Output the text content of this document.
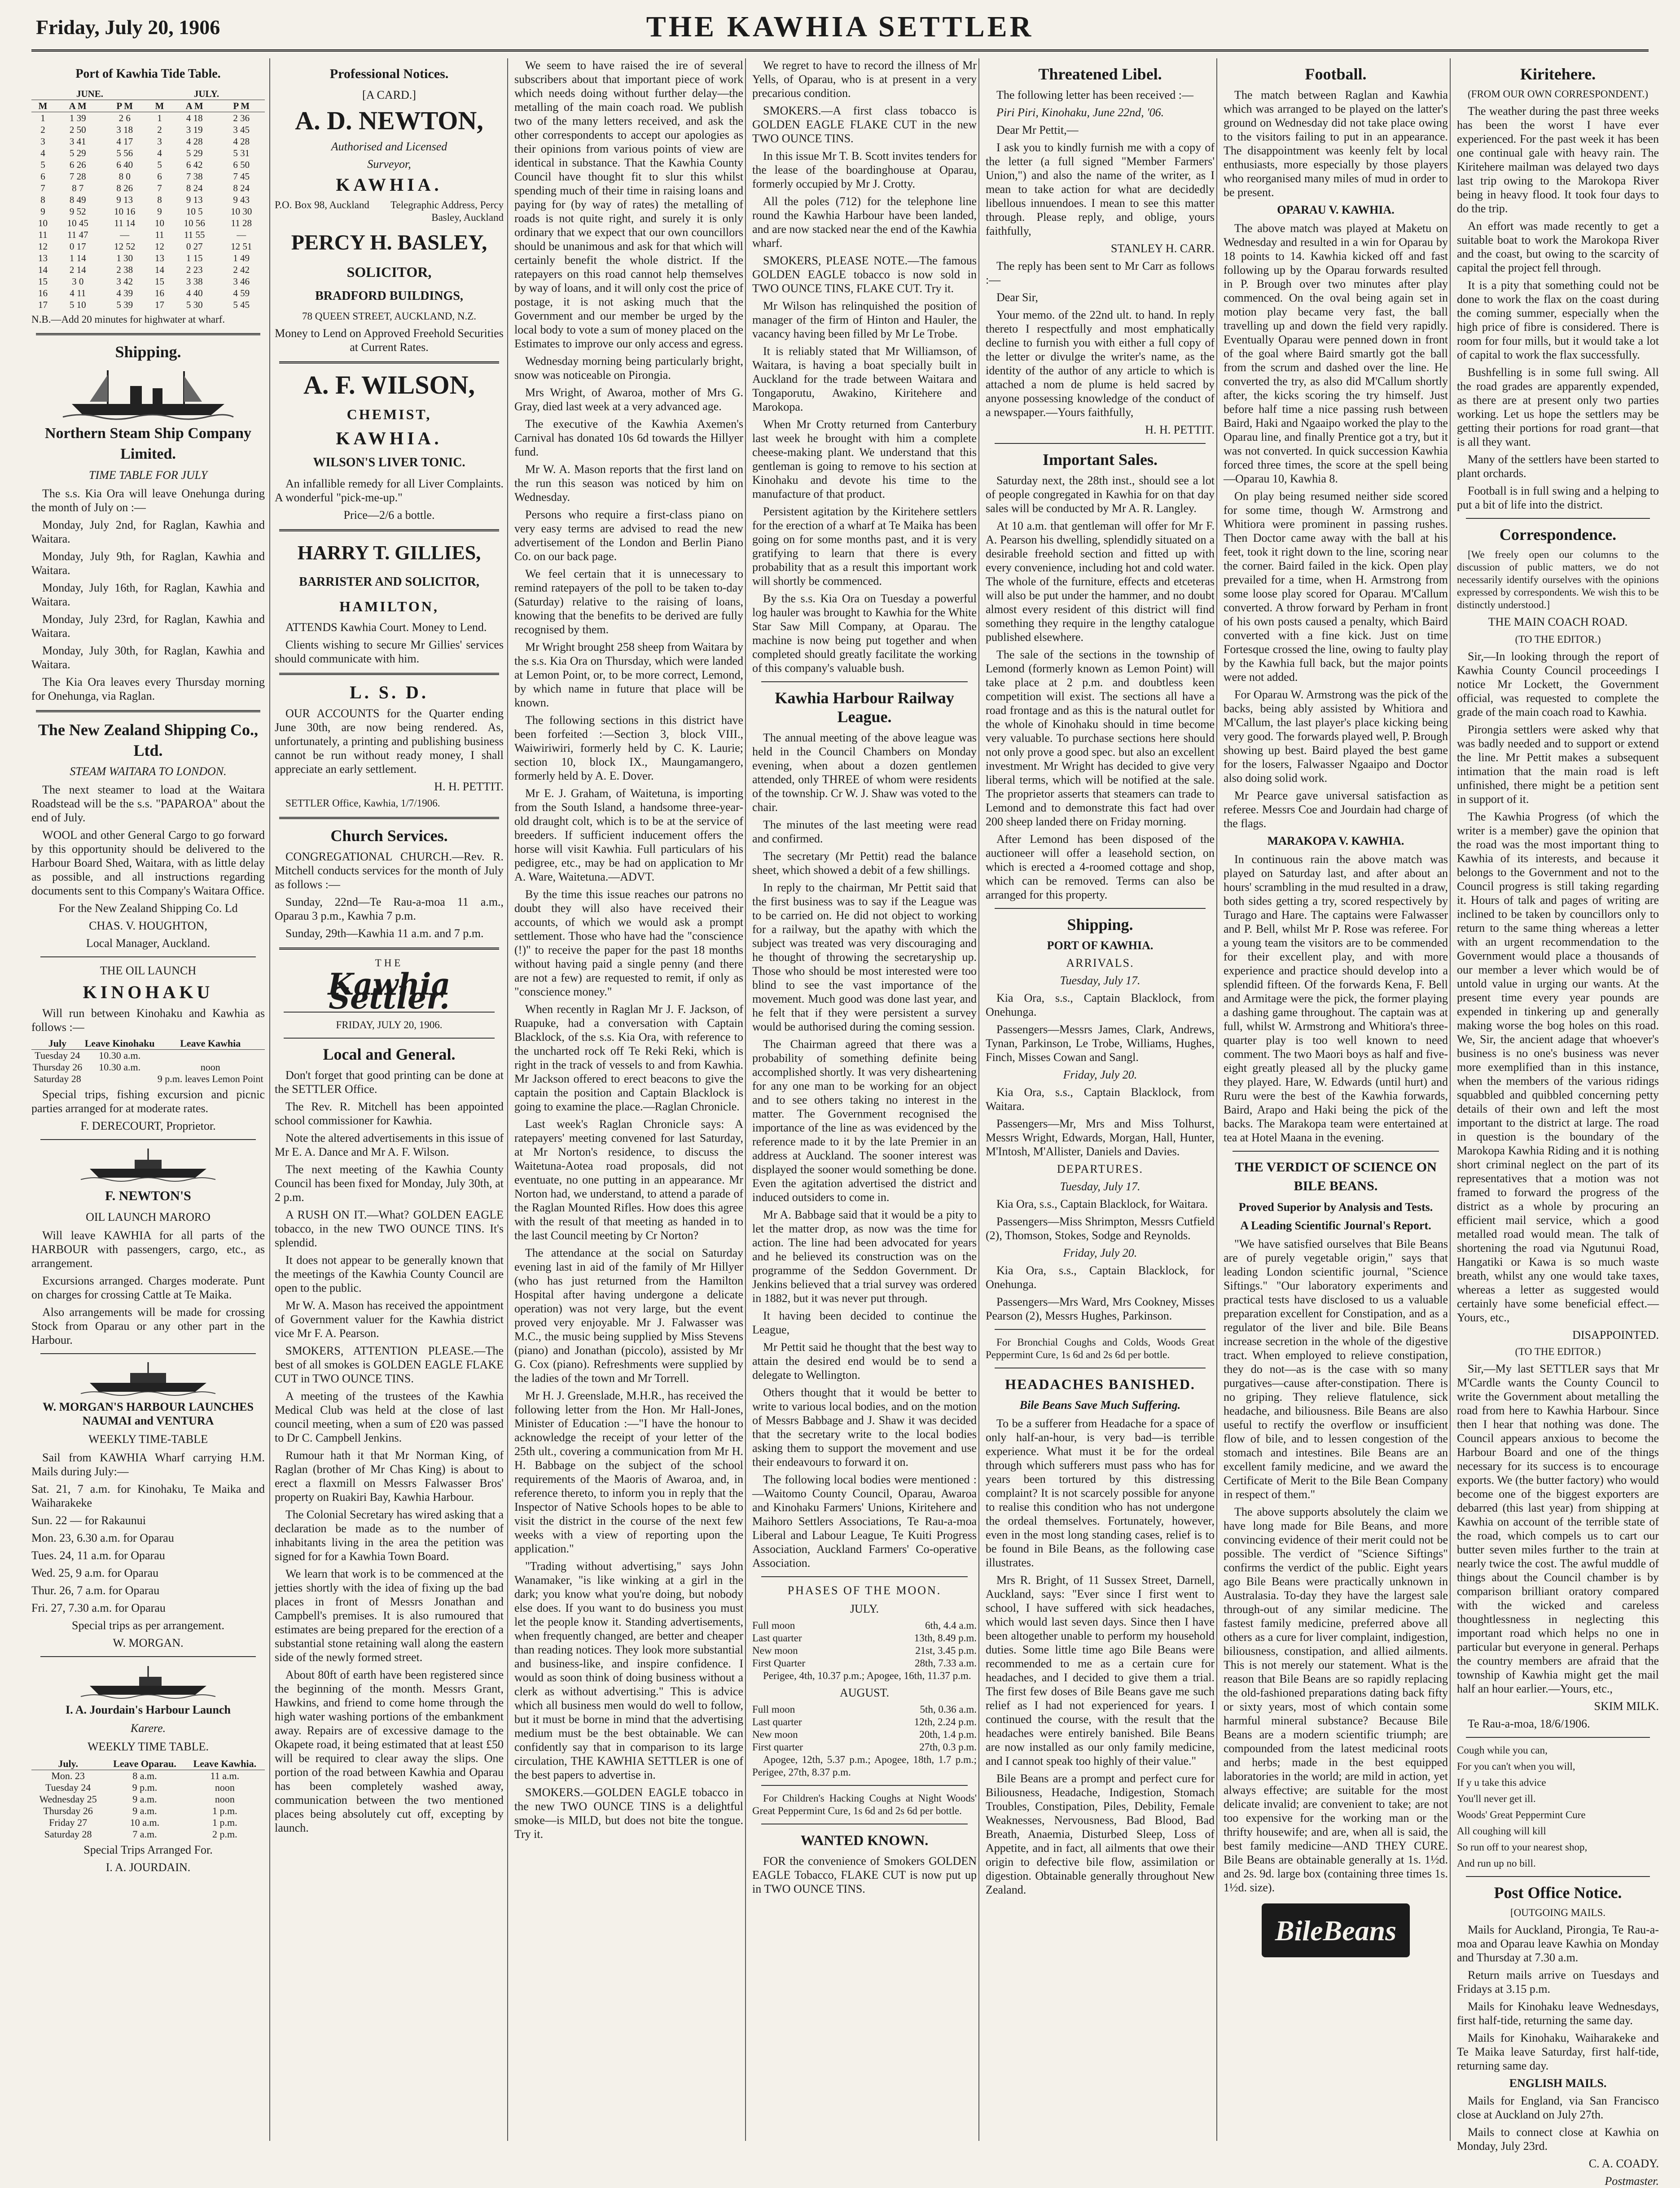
Friday, July 20, 1906	THE KAWHIA SETTLER
Port of Kawhia Tide Table.
JUNE.			JULY.		
M	A M	P M	M	A M	P M
1	1 39	2 6	1	4 18	2 36
2	2 50	3 18	2	3 19	3 45
3	3 41	4 17	3	4 28	4 28
4	5 29	5 56	4	5 29	5 31
5	6 26	6 40	5	6 42	6 50
6	7 28	8 0	6	7 38	7 45
7	8 7	8 26	7	8 24	8 24
8	8 49	9 13	8	9 13	9 43
9	9 52	10 16	9	10 5	10 30
10	10 45	11 14	10	10 56	11 28
11	11 47	—	11	11 55	—
12	0 17	12 52	12	0 27	12 51
13	1 14	1 30	13	1 15	1 49
14	2 14	2 38	14	2 23	2 42
15	3 0	3 42	15	3 38	3 46
16	4 11	4 39	16	4 40	4 59
17	5 10	5 39	17	5 30	5 45

N.B.—Add 20 minutes for highwater at wharf.

Shipping.
Northern Steam Ship Company Limited.
TIME TABLE FOR JULY

The s.s. Kia Ora will leave Onehunga during the month of July on :—

Monday, July 2nd, for Raglan, Kawhia and Waitara.

Monday, July 9th, for Raglan, Kawhia and Waitara.

Monday, July 16th, for Raglan, Kawhia and Waitara.

Monday, July 23rd, for Raglan, Kawhia and Waitara.

Monday, July 30th, for Raglan, Kawhia and Waitara.

The Kia Ora leaves every Thursday morning for Onehunga, via Raglan.

The New Zealand Shipping Co., Ltd.
STEAM WAITARA TO LONDON.

The next steamer to load at the Waitara Roadstead will be the s.s. "PAPAROA" about the end of July.

WOOL and other General Cargo to go forward by this opportunity should be delivered to the Harbour Board Shed, Waitara, with as little delay as possible, and all instructions regarding documents sent to this Company's Waitara Office.

For the New Zealand Shipping Co. Ld

CHAS. V. HOUGHTON,

Local Manager, Auckland.

THE OIL LAUNCH
KINOHAKU

Will run between Kinohaku and Kawhia as follows :—

July	Leave Kinohaku	Leave Kawhia
Tuesday 24	10.30 a.m.	
Thursday 26	10.30 a.m.	noon
Saturday 28		9 p.m. leaves Lemon Point

Special trips, fishing excursion and picnic parties arranged for at moderate rates.

F. DERECOURT, Proprietor.

F. NEWTON'S
OIL LAUNCH MARORO

Will leave KAWHIA for all parts of the HARBOUR with passengers, cargo, etc., as arrangement.

Excursions arranged. Charges moderate. Punt on charges for crossing Cattle at Te Maika.

Also arrangements will be made for crossing Stock from Oparau or any other part in the Harbour.

W. MORGAN'S HARBOUR LAUNCHES NAUMAI and VENTURA
WEEKLY TIME-TABLE

Sail from KAWHIA Wharf carrying H.M. Mails during July:—

Sat. 21, 7 a.m. for Kinohaku, Te Maika and Waiharakeke

Sun. 22 — for Rakaunui

Mon. 23, 6.30 a.m. for Oparau

Tues. 24, 11 a.m. for Oparau

Wed. 25, 9 a.m. for Oparau

Thur. 26, 7 a.m. for Oparau

Fri. 27, 7.30 a.m. for Oparau

Special trips as per arrangement.

W. MORGAN.

I. A. Jourdain's Harbour Launch
Karere.
WEEKLY TIME TABLE.
July.	Leave Oparau.	Leave Kawhia.
Mon. 23	8 a.m.	11 a.m.
Tuesday 24	9 p.m.	noon
Wednesday 25	9 a.m.	noon
Thursday 26	9 a.m.	1 p.m.
Friday 27	10 a.m.	1 p.m.
Saturday 28	7 a.m.	2 p.m.

Special Trips Arranged For.

I. A. JOURDAIN.

Professional Notices.

[A CARD.]

A. D. NEWTON,

Authorised and Licensed

Surveyor,

KAWHIA.
P.O. Box 98, Auckland	Telegraphic Address, Percy Basley, Auckland
PERCY H. BASLEY,
SOLICITOR,
BRADFORD BUILDINGS,

78 QUEEN STREET, AUCKLAND, N.Z.

Money to Lend on Approved Freehold Securities at Current Rates.

A. F. WILSON,
CHEMIST,
KAWHIA.
WILSON'S LIVER TONIC.

An infallible remedy for all Liver Complaints. A wonderful "pick-me-up."

Price—2/6 a bottle.

HARRY T. GILLIES,
BARRISTER AND SOLICITOR,
HAMILTON,

ATTENDS Kawhia Court. Money to Lend.

Clients wishing to secure Mr Gillies' services should communicate with him.

L. S. D.

OUR ACCOUNTS for the Quarter ending June 30th, are now being rendered. As, unfortunately, a printing and publishing business cannot be run without ready money, I shall appreciate an early settlement.

H. H. PETTIT.

SETTLER Office, Kawhia, 1/7/1906.

Church Services.

CONGREGATIONAL CHURCH.—Rev. R. Mitchell conducts services for the month of July as follows :—

Sunday, 22nd—Te Rau-a-moa 11 a.m., Oparau 3 p.m., Kawhia 7 p.m.

Sunday, 29th—Kawhia 11 a.m. and 7 p.m.

THE

Kawhia Settler.

FRIDAY, JULY 20, 1906.

Local and General.

Don't forget that good printing can be done at the SETTLER Office.

The Rev. R. Mitchell has been appointed school commissioner for Kawhia.

Note the altered advertisements in this issue of Mr E. A. Dance and Mr A. F. Wilson.

The next meeting of the Kawhia County Council has been fixed for Monday, July 30th, at 2 p.m.

A RUSH ON IT.—What? GOLDEN EAGLE tobacco, in the new TWO OUNCE TINS. It's splendid.

It does not appear to be generally known that the meetings of the Kawhia County Council are open to the public.

Mr W. A. Mason has received the appointment of Government valuer for the Kawhia district vice Mr F. A. Pearson.

SMOKERS, ATTENTION PLEASE.—The best of all smokes is GOLDEN EAGLE FLAKE CUT in TWO OUNCE TINS.

A meeting of the trustees of the Kawhia Medical Club was held at the close of last council meeting, when a sum of £20 was passed to Dr C. Campbell Jenkins.

Rumour hath it that Mr Norman King, of Raglan (brother of Mr Chas King) is about to erect a flaxmill on Messrs Falwasser Bros' property on Ruakiri Bay, Kawhia Harbour.

The Colonial Secretary has wired asking that a declaration be made as to the number of inhabitants living in the area the petition was signed for for a Kawhia Town Board.

We learn that work is to be commenced at the jetties shortly with the idea of fixing up the bad places in front of Messrs Jonathan and Campbell's premises. It is also rumoured that estimates are being prepared for the erection of a substantial stone retaining wall along the eastern side of the newly formed street.

About 80ft of earth have been registered since the beginning of the month. Messrs Grant, Hawkins, and friend to come home through the high water washing portions of the embankment away. Repairs are of excessive damage to the Okapete road, it being estimated that at least £50 will be required to clear away the slips. One portion of the road between Kawhia and Oparau has been completely washed away, communication between the two mentioned places being absolutely cut off, excepting by launch.

We seem to have raised the ire of several subscribers about that important piece of work which needs doing without further delay—the metalling of the main coach road. We publish two of the many letters received, and ask the other correspondents to accept our apologies as their opinions from various points of view are identical in substance. That the Kawhia County Council have thought fit to slur this whilst spending much of their time in raising loans and paying for (by way of rates) the metalling of roads is not quite right, and surely it is only ordinary that we expect that our own councillors should be unanimous and ask for that which will certainly benefit the whole district. If the ratepayers on this road cannot help themselves by way of loans, and it will only cost the price of postage, it is not asking much that the Government and our member be urged by the local body to vote a sum of money placed on the Estimates to improve our only access and egress.

Wednesday morning being particularly bright, snow was noticeable on Pirongia.

Mrs Wright, of Awaroa, mother of Mrs G. Gray, died last week at a very advanced age.

The executive of the Kawhia Axemen's Carnival has donated 10s 6d towards the Hillyer fund.

Mr W. A. Mason reports that the first land on the run this season was noticed by him on Wednesday.

Persons who require a first-class piano on very easy terms are advised to read the new advertisement of the London and Berlin Piano Co. on our back page.

We feel certain that it is unnecessary to remind ratepayers of the poll to be taken to-day (Saturday) relative to the raising of loans, knowing that the benefits to be derived are fully recognised by them.

Mr Wright brought 258 sheep from Waitara by the s.s. Kia Ora on Thursday, which were landed at Lemon Point, or, to be more correct, Lemond, by which name in future that place will be known.

The following sections in this district have been forfeited :—Section 3, block VIII., Waiwiriwiri, formerly held by C. K. Laurie; section 10, block IX., Maungamangero, formerly held by A. E. Dover.

Mr E. J. Graham, of Waitetuna, is importing from the South Island, a handsome three-year-old draught colt, which is to be at the service of breeders. If sufficient inducement offers the horse will visit Kawhia. Full particulars of his pedigree, etc., may be had on application to Mr A. Ware, Waitetuna.—ADVT.

By the time this issue reaches our patrons no doubt they will also have received their accounts, of which we would ask a prompt settlement. Those who have had the "conscience (!)" to receive the paper for the past 18 months without having paid a single penny (and there are not a few) are requested to remit, if only as "conscience money."

When recently in Raglan Mr J. F. Jackson, of Ruapuke, had a conversation with Captain Blacklock, of the s.s. Kia Ora, with reference to the uncharted rock off Te Reki Reki, which is right in the track of vessels to and from Kawhia. Mr Jackson offered to erect beacons to give the captain the position and Captain Blacklock is going to examine the place.—Raglan Chronicle.

Last week's Raglan Chronicle says: A ratepayers' meeting convened for last Saturday, at Mr Norton's residence, to discuss the Waitetuna-Aotea road proposals, did not eventuate, no one putting in an appearance. Mr Norton had, we understand, to attend a parade of the Raglan Mounted Rifles. How does this agree with the result of that meeting as handed in to the last Council meeting by Cr Norton?

The attendance at the social on Saturday evening last in aid of the family of Mr Hillyer (who has just returned from the Hamilton Hospital after having undergone a delicate operation) was not very large, but the event proved very enjoyable. Mr J. Falwasser was M.C., the music being supplied by Miss Stevens (piano) and Jonathan (piccolo), assisted by Mr G. Cox (piano). Refreshments were supplied by the ladies of the town and Mr Torrell.

Mr H. J. Greenslade, M.H.R., has received the following letter from the Hon. Mr Hall-Jones, Minister of Education :—"I have the honour to acknowledge the receipt of your letter of the 25th ult., covering a communication from Mr H. H. Babbage on the subject of the school requirements of the Maoris of Awaroa, and, in reference thereto, to inform you in reply that the Inspector of Native Schools hopes to be able to visit the district in the course of the next few weeks with a view of reporting upon the application."

"Trading without advertising," says John Wanamaker, "is like winking at a girl in the dark; you know what you're doing, but nobody else does. If you want to do business you must let the people know it. Standing advertisements, when frequently changed, are better and cheaper than reading notices. They look more substantial and business-like, and inspire confidence. I would as soon think of doing business without a clerk as without advertising." This is advice which all business men would do well to follow, but it must be borne in mind that the advertising medium must be the best obtainable. We can confidently say that in comparison to its large circulation, THE KAWHIA SETTLER is one of the best papers to advertise in.

SMOKERS.—GOLDEN EAGLE tobacco in the new TWO OUNCE TINS is a delightful smoke—is MILD, but does not bite the tongue. Try it.

We regret to have to record the illness of Mr Yells, of Oparau, who is at present in a very precarious condition.

SMOKERS.—A first class tobacco is GOLDEN EAGLE FLAKE CUT in the new TWO OUNCE TINS.

In this issue Mr T. B. Scott invites tenders for the lease of the boardinghouse at Oparau, formerly occupied by Mr J. Crotty.

All the poles (712) for the telephone line round the Kawhia Harbour have been landed, and are now stacked near the end of the Kawhia wharf.

SMOKERS, PLEASE NOTE.—The famous GOLDEN EAGLE tobacco is now sold in TWO OUNCE TINS, FLAKE CUT. Try it.

Mr Wilson has relinquished the position of manager of the firm of Hinton and Hauler, the vacancy having been filled by Mr Le Trobe.

It is reliably stated that Mr Williamson, of Waitara, is having a boat specially built in Auckland for the trade between Waitara and Tongaporutu, Awakino, Kiritehere and Marokopa.

When Mr Crotty returned from Canterbury last week he brought with him a complete cheese-making plant. We understand that this gentleman is going to remove to his section at Kinohaku and devote his time to the manufacture of that product.

Persistent agitation by the Kiritehere settlers for the erection of a wharf at Te Maika has been going on for some months past, and it is very gratifying to learn that there is every probability that as a result this important work will shortly be commenced.

By the s.s. Kia Ora on Tuesday a powerful log hauler was brought to Kawhia for the White Star Saw Mill Company, at Oparau. The machine is now being put together and when completed should greatly facilitate the working of this company's valuable bush.

Kawhia Harbour Railway League.

The annual meeting of the above league was held in the Council Chambers on Monday evening, when about a dozen gentlemen attended, only THREE of whom were residents of the township. Cr W. J. Shaw was voted to the chair.

The minutes of the last meeting were read and confirmed.

The secretary (Mr Pettit) read the balance sheet, which showed a debit of a few shillings.

In reply to the chairman, Mr Pettit said that the first business was to say if the League was to be carried on. He did not object to working for a railway, but the apathy with which the subject was treated was very discouraging and he thought of throwing the secretaryship up. Those who should be most interested were too blind to see the vast importance of the movement. Much good was done last year, and he felt that if they were persistent a survey would be authorised during the coming session.

The Chairman agreed that there was a probability of something definite being accomplished shortly. It was very disheartening for any one man to be working for an object and to see others taking no interest in the matter. The Government recognised the importance of the line as was evidenced by the reference made to it by the late Premier in an address at Auckland. The sooner interest was displayed the sooner would something be done. Even the agitation advertised the district and induced outsiders to come in.

Mr A. Babbage said that it would be a pity to let the matter drop, as now was the time for action. The line had been advocated for years and he believed its construction was on the programme of the Seddon Government. Dr Jenkins believed that a trial survey was ordered in 1882, but it was never put through.

It having been decided to continue the League,

Mr Pettit said he thought that the best way to attain the desired end would be to send a delegate to Wellington.

Others thought that it would be better to write to various local bodies, and on the motion of Messrs Babbage and J. Shaw it was decided that the secretary write to the local bodies asking them to support the movement and use their endeavours to forward it on.

The following local bodies were mentioned :—Waitomo County Council, Oparau, Awaroa and Kinohaku Farmers' Unions, Kiritehere and Maihoro Settlers Associations, Te Rau-a-moa Liberal and Labour League, Te Kuiti Progress Association, Auckland Farmers' Co-operative Association.

PHASES OF THE MOON.

JULY.

Full moon	6th, 4.4 a.m.
Last quarter	13th, 8.49 p.m.
New moon	21st, 3.45 p.m.
First Quarter	28th, 7.33 a.m.

Perigee, 4th, 10.37 p.m.; Apogee, 16th, 11.37 p.m.

AUGUST.

Full moon	5th, 0.36 a.m.
Last quarter	12th, 2.24 p.m.
New moon	20th, 1.4 p.m.
First quarter	27th, 0.3 p.m.

Apogee, 12th, 5.37 p.m.; Apogee, 18th, 1.7 p.m.; Perigee, 27th, 8.37 p.m.

For Children's Hacking Coughs at Night Woods' Great Peppermint Cure, 1s 6d and 2s 6d per bottle.

WANTED KNOWN.

FOR the convenience of Smokers GOLDEN EAGLE Tobacco, FLAKE CUT is now put up in TWO OUNCE TINS.

Threatened Libel.

The following letter has been received :—

Piri Piri, Kinohaku, June 22nd, '06.

Dear Mr Pettit,—

I ask you to kindly furnish me with a copy of the letter (a full signed "Member Farmers' Union,") and also the name of the writer, as I mean to take action for what are decidedly libellous innuendoes. I mean to see this matter through. Please reply, and oblige, yours faithfully,

STANLEY H. CARR.

The reply has been sent to Mr Carr as follows :—

Dear Sir,

Your memo. of the 22nd ult. to hand. In reply thereto I respectfully and most emphatically decline to furnish you with either a full copy of the letter or divulge the writer's name, as the identity of the author of any article to which is attached a nom de plume is held sacred by anyone possessing knowledge of the conduct of a newspaper.—Yours faithfully,

H. H. PETTIT.

Important Sales.

Saturday next, the 28th inst., should see a lot of people congregated in Kawhia for on that day sales will be conducted by Mr A. R. Langley.

At 10 a.m. that gentleman will offer for Mr F. A. Pearson his dwelling, splendidly situated on a desirable freehold section and fitted up with every convenience, including hot and cold water. The whole of the furniture, effects and etceteras will also be put under the hammer, and no doubt almost every resident of this district will find something they require in the lengthy catalogue published elsewhere.

The sale of the sections in the township of Lemond (formerly known as Lemon Point) will take place at 2 p.m. and doubtless keen competition will exist. The sections all have a road frontage and as this is the natural outlet for the whole of Kinohaku should in time become very valuable. To purchase sections here should not only prove a good spec. but also an excellent investment. Mr Wright has decided to give very liberal terms, which will be notified at the sale. The proprietor asserts that steamers can trade to Lemond and to demonstrate this fact had over 200 sheep landed there on Friday morning.

After Lemond has been disposed of the auctioneer will offer a leasehold section, on which is erected a 4-roomed cottage and shop, which can be removed. Terms can also be arranged for this property.

Shipping.

PORT OF KAWHIA.

ARRIVALS.

Tuesday, July 17.

Kia Ora, s.s., Captain Blacklock, from Onehunga.

Passengers—Messrs James, Clark, Andrews, Tynan, Parkinson, Le Trobe, Williams, Hughes, Finch, Misses Cowan and Sangl.

Friday, July 20.

Kia Ora, s.s., Captain Blacklock, from Waitara.

Passengers—Mr, Mrs and Miss Tolhurst, Messrs Wright, Edwards, Morgan, Hall, Hunter, M'Intosh, M'Allister, Daniels and Davies.

DEPARTURES.

Tuesday, July 17.

Kia Ora, s.s., Captain Blacklock, for Waitara.

Passengers—Miss Shrimpton, Messrs Cutfield (2), Thomson, Stokes, Sodge and Reynolds.

Friday, July 20.

Kia Ora, s.s., Captain Blacklock, for Onehunga.

Passengers—Mrs Ward, Mrs Cookney, Misses Pearson (2), Messrs Hughes, Parkinson.

For Bronchial Coughs and Colds, Woods Great Peppermint Cure, 1s 6d and 2s 6d per bottle.

HEADACHES BANISHED.
Bile Beans Save Much Suffering.

To be a sufferer from Headache for a space of only half-an-hour, is very bad—is terrible experience. What must it be for the ordeal through which sufferers must pass who has for years been tortured by this distressing complaint? It is not scarcely possible for anyone to realise this condition who has not undergone the ordeal themselves. Fortunately, however, even in the most long standing cases, relief is to be found in Bile Beans, as the following case illustrates.

Mrs R. Bright, of 11 Sussex Street, Darnell, Auckland, says: "Ever since I first went to school, I have suffered with sick headaches, which would last seven days. Since then I have been altogether unable to perform my household duties. Some little time ago Bile Beans were recommended to me as a certain cure for headaches, and I decided to give them a trial. The first few doses of Bile Beans gave me such relief as I had not experienced for years. I continued the course, with the result that the headaches were entirely banished. Bile Beans are now installed as our only family medicine, and I cannot speak too highly of their value."

Bile Beans are a prompt and perfect cure for Biliousness, Headache, Indigestion, Stomach Troubles, Constipation, Piles, Debility, Female Weaknesses, Nervousness, Bad Blood, Bad Breath, Anaemia, Disturbed Sleep, Loss of Appetite, and in fact, all ailments that owe their origin to defective bile flow, assimilation or digestion. Obtainable generally throughout New Zealand.

Football.

The match between Raglan and Kawhia which was arranged to be played on the latter's ground on Wednesday did not take place owing to the visitors failing to put in an appearance. The disappointment was keenly felt by local enthusiasts, more especially by those players who reorganised many miles of mud in order to be present.

OPARAU V. KAWHIA.

The above match was played at Maketu on Wednesday and resulted in a win for Oparau by 18 points to 14. Kawhia kicked off and fast following up by the Oparau forwards resulted in P. Brough over two minutes after play commenced. On the oval being again set in motion play became very fast, the ball travelling up and down the field very rapidly. Eventually Oparau were penned down in front of the goal where Baird smartly got the ball from the scrum and dashed over the line. He converted the try, as also did M'Callum shortly after, the kicks scoring the try himself. Just before half time a nice passing rush between Baird, Haki and Ngaaipo worked the play to the Oparau line, and finally Prentice got a try, but it was not converted. In quick succession Kawhia forced three times, the score at the spell being—Oparau 10, Kawhia 8.

On play being resumed neither side scored for some time, though W. Armstrong and Whitiora were prominent in passing rushes. Then Doctor came away with the ball at his feet, took it right down to the line, scoring near the corner. Baird failed in the kick. Open play prevailed for a time, when H. Armstrong from some loose play scored for Oparau. M'Callum converted. A throw forward by Perham in front of his own posts caused a penalty, which Baird converted with a fine kick. Just on time Fortesque crossed the line, owing to faulty play by the Kawhia full back, but the major points were not added.

For Oparau W. Armstrong was the pick of the backs, being ably assisted by Whitiora and M'Callum, the last player's place kicking being very good. The forwards played well, P. Brough showing up best. Baird played the best game for the losers, Falwasser Ngaaipo and Doctor also doing solid work.

Mr Pearce gave universal satisfaction as referee. Messrs Coe and Jourdain had charge of the flags.

MARAKOPA V. KAWHIA.

In continuous rain the above match was played on Saturday last, and after about an hours' scrambling in the mud resulted in a draw, both sides getting a try, scored respectively by Turago and Hare. The captains were Falwasser and P. Bell, whilst Mr P. Rose was referee. For a young team the visitors are to be commended for their excellent play, and with more experience and practice should develop into a splendid fifteen. Of the forwards Kena, F. Bell and Armitage were the pick, the former playing a dashing game throughout. The captain was at full, whilst W. Armstrong and Whitiora's three-quarter play is too well known to need comment. The two Maori boys as half and five-eight greatly pleased all by the plucky game they played. Hare, W. Edwards (until hurt) and Ruru were the best of the Kawhia forwards, Baird, Arapo and Haki being the pick of the backs. The Marakopa team were entertained at tea at Hotel Maana in the evening.

THE VERDICT OF SCIENCE ON BILE BEANS.
Proved Superior by Analysis and Tests.
A Leading Scientific Journal's Report.

"We have satisfied ourselves that Bile Beans are of purely vegetable origin," says that leading London scientific journal, "Science Siftings." "Our laboratory experiments and practical tests have disclosed to us a valuable preparation excellent for Constipation, and as a regulator of the liver and bile. Bile Beans increase secretion in the whole of the digestive tract. When employed to relieve constipation, they do not—as is the case with so many purgatives—cause after-constipation. There is no griping. They relieve flatulence, sick headache, and biliousness. Bile Beans are also useful to rectify the overflow or insufficient flow of bile, and to lessen congestion of the stomach and intestines. Bile Beans are an excellent family medicine, and we award the Certificate of Merit to the Bile Bean Company in respect of them."

The above supports absolutely the claim we have long made for Bile Beans, and more convincing evidence of their merit could not be possible. The verdict of "Science Siftings" confirms the verdict of the public. Eight years ago Bile Beans were practically unknown in Australasia. To-day they have the largest sale through-out of any similar medicine. The fastest family medicine, preferred above all others as a cure for liver complaint, indigestion, biliousness, constipation, and allied ailments. This is not merely our statement. What is the reason that Bile Beans are so rapidly replacing the old-fashioned preparations dating back fifty or sixty years, most of which contain some harmful mineral substance? Because Bile Beans are a modern scientific triumph; are compounded from the latest medicinal roots and herbs; made in the best equipped laboratories in the world; are mild in action, yet always effective; are suitable for the most delicate invalid; are convenient to take; are not too expensive for the working man or the thrifty housewife; and are, when all is said, the best family medicine—AND THEY CURE. Bile Beans are obtainable generally at 1s. 1½d. and 2s. 9d. large box (containing three times 1s. 1½d. size).

BileBeans
Kiritehere.

(FROM OUR OWN CORRESPONDENT.)

The weather during the past three weeks has been the worst I have ever experienced. For the past week it has been one continual gale with heavy rain. The Kiritehere mailman was delayed two days last trip owing to the Marokopa River being in heavy flood. It took four days to do the trip.

An effort was made recently to get a suitable boat to work the Marokopa River and the coast, but owing to the scarcity of capital the project fell through.

It is a pity that something could not be done to work the flax on the coast during the coming summer, especially when the high price of fibre is considered. There is room for four mills, but it would take a lot of capital to work the flax successfully.

Bushfelling is in some full swing. All the road grades are apparently expended, as there are at present only two parties working. Let us hope the settlers may be getting their portions for road grant—that is all they want.

Many of the settlers have been started to plant orchards.

Football is in full swing and a helping to put a bit of life into the district.

Correspondence.

[We freely open our columns to the discussion of public matters, we do not necessarily identify ourselves with the opinions expressed by correspondents. We wish this to be distinctly understood.]

THE MAIN COACH ROAD.

(TO THE EDITOR.)

Sir,—In looking through the report of Kawhia County Council proceedings I notice Mr Lockett, the Government official, was requested to complete the grade of the main coach road to Kawhia.

Pirongia settlers were asked why that was badly needed and to support or extend the line. Mr Pettit makes a subsequent intimation that the main road is left unfinished, there might be a petition sent in support of it.

The Kawhia Progress (of which the writer is a member) gave the opinion that the road was the most important thing to Kawhia of its interests, and because it belongs to the Government and not to the Council progress is still taking regarding it. Hours of talk and pages of writing are inclined to be taken by councillors only to return to the same thing whereas a letter with an urgent recommendation to the Government would place a thousands of our member a lever which would be of untold value in urging our wants. At the present time every year pounds are expended in tinkering up and generally making worse the bog holes on this road. We, Sir, the ancient adage that whoever's business is no one's business was never more exemplified than in this instance, when the members of the various ridings squabbled and quibbled concerning petty details of their own and left the most important to the district at large. The road in question is the boundary of the Marokopa Kawhia Riding and it is nothing short criminal neglect on the part of its representatives that a motion was not framed to forward the progress of the district as a whole by procuring an efficient mail service, which a good metalled road would mean. The talk of shortening the road via Ngutunui Road, Hangatiki or Kawa is so much waste breath, whilst any one would take taxes, whereas a letter as suggested would certainly have some beneficial effect.—Yours, etc.,

DISAPPOINTED.

(TO THE EDITOR.)

Sir,—My last SETTLER says that Mr M'Cardle wants the County Council to write the Government about metalling the road from here to Kawhia Harbour. Since then I hear that nothing was done. The Council appears anxious to become the Harbour Board and one of the things necessary for its success is to encourage exports. We (the butter factory) who would become one of the biggest exporters are debarred (this last year) from shipping at Kawhia on account of the terrible state of the road, which compels us to cart our butter seven miles further to the train at nearly twice the cost. The awful muddle of things about the Council chamber is by comparison brilliant oratory compared with the wicked and careless thoughtlessness in neglecting this important road which helps no one in particular but everyone in general. Perhaps the country members are afraid that the township of Kawhia might get the mail half an hour earlier.—Yours, etc.,

SKIM MILK.

Te Rau-a-moa, 18/6/1906.

Cough while you can,

For you can't when you will,

If y u take this advice

You'll never get ill.

Woods' Great Peppermint Cure

All coughing will kill

So run off to your nearest shop,

And run up no bill.

Post Office Notice.

[OUTGOING MAILS.

Mails for Auckland, Pirongia, Te Rau-a-moa and Oparau leave Kawhia on Monday and Thursday at 7.30 a.m.

Return mails arrive on Tuesdays and Fridays at 3.15 p.m.

Mails for Kinohaku leave Wednesdays, first half-tide, returning the same day.

Mails for Kinohaku, Waiharakeke and Te Maika leave Saturday, first half-tide, returning same day.

ENGLISH MAILS.

Mails for England, via San Francisco close at Auckland on July 27th.

Mails to connect close at Kawhia on Monday, July 23rd.

C. A. COADY.

Postmaster.
